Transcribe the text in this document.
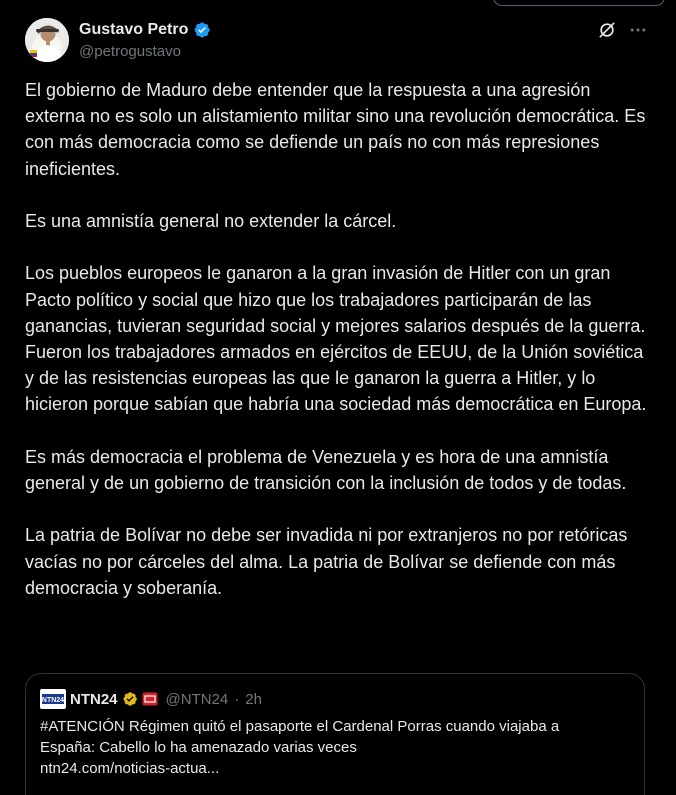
Gustavo Petro
@petrogustavo

El gobierno de Maduro debe entender que la respuesta a una agresión externa no es solo un alistamiento militar sino una revolución democrática. Es con más democracia como se defiende un país no con más represiones ineficientes.

Es una amnistía general no extender la cárcel.

Los pueblos europeos le ganaron a la gran invasión de Hitler con un gran Pacto político y social que hizo que los trabajadores participarán de las ganancias, tuvieran seguridad social y mejores salarios después de la guerra. Fueron los trabajadores armados en ejércitos de EEUU, de la Unión soviética y de las resistencias europeas las que le ganaron la guerra a Hitler, y lo hicieron porque sabían que habría una sociedad más democrática en Europa.

Es más democracia el problema de Venezuela y es hora de una amnistía general y de un gobierno de transición con la inclusión de todos y de todas.

La patria de Bolívar no debe ser invadida ni por extranjeros no por retóricas vacías no por cárceles del alma. La patria de Bolívar se defiende con más democracia y soberanía.

NTN24 NTN24	@NTN24 · 2h
#ATENCIÓN Régimen quitó el pasaporte el Cardenal Porras cuando viajaba a
España: Cabello lo ha amenazado varias veces
ntn24.com/noticias-actua...
